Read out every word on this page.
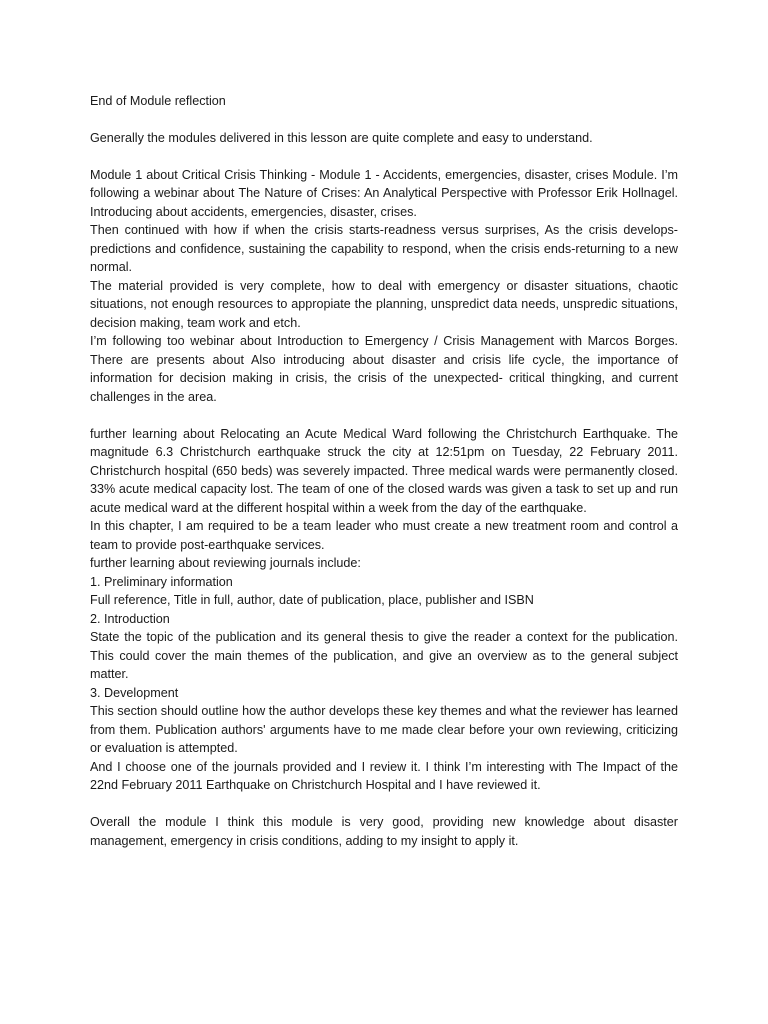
End of Module reflection

Generally the modules delivered in this lesson are quite complete and easy to understand.

Module 1 about Critical Crisis Thinking - Module 1 - Accidents, emergencies, disaster, crises Module. I’m following a webinar about The Nature of Crises: An Analytical Perspective with Professor Erik Hollnagel. Introducing about accidents, emergencies, disaster, crises.

Then continued with how if when the crisis starts-readness versus surprises, As the crisis develops-predictions and confidence, sustaining the capability to respond, when the crisis ends-returning to a new normal.

The material provided is very complete, how to deal with emergency or disaster situations, chaotic situations, not enough resources to appropiate the planning, unspredict data needs, unspredic situations, decision making, team work and etch.

I’m following too webinar about Introduction to Emergency / Crisis Management with Marcos Borges. There are presents about Also introducing about disaster and crisis life cycle, the importance of information for decision making in crisis, the crisis of the unexpected- critical thingking, and current challenges in the area.

further learning about Relocating an Acute Medical Ward following the Christchurch Earthquake. The magnitude 6.3 Christchurch earthquake struck the city at 12:51pm on Tuesday, 22 February 2011. Christchurch hospital (650 beds) was severely impacted. Three medical wards were permanently closed. 33% acute medical capacity lost. The team of one of the closed wards was given a task to set up and run acute medical ward at the different hospital within a week from the day of the earthquake.

In this chapter, I am required to be a team leader who must create a new treatment room and control a team to provide post-earthquake services.

further learning about reviewing journals include:

1. Preliminary information

Full reference, Title in full, author, date of publication, place, publisher and ISBN

2. Introduction

State the topic of the publication and its general thesis to give the reader a context for the publication. This could cover the main themes of the publication, and give an overview as to the general subject matter.

3. Development

This section should outline how the author develops these key themes and what the reviewer has learned from them. Publication authors' arguments have to me made clear before your own reviewing, criticizing or evaluation is attempted.

And I choose one of the journals provided and I review it. I think I’m interesting with The Impact of the 22nd February 2011 Earthquake on Christchurch Hospital and I have reviewed it.

Overall the module I think this module is very good, providing new knowledge about disaster management, emergency in crisis conditions, adding to my insight to apply it.
